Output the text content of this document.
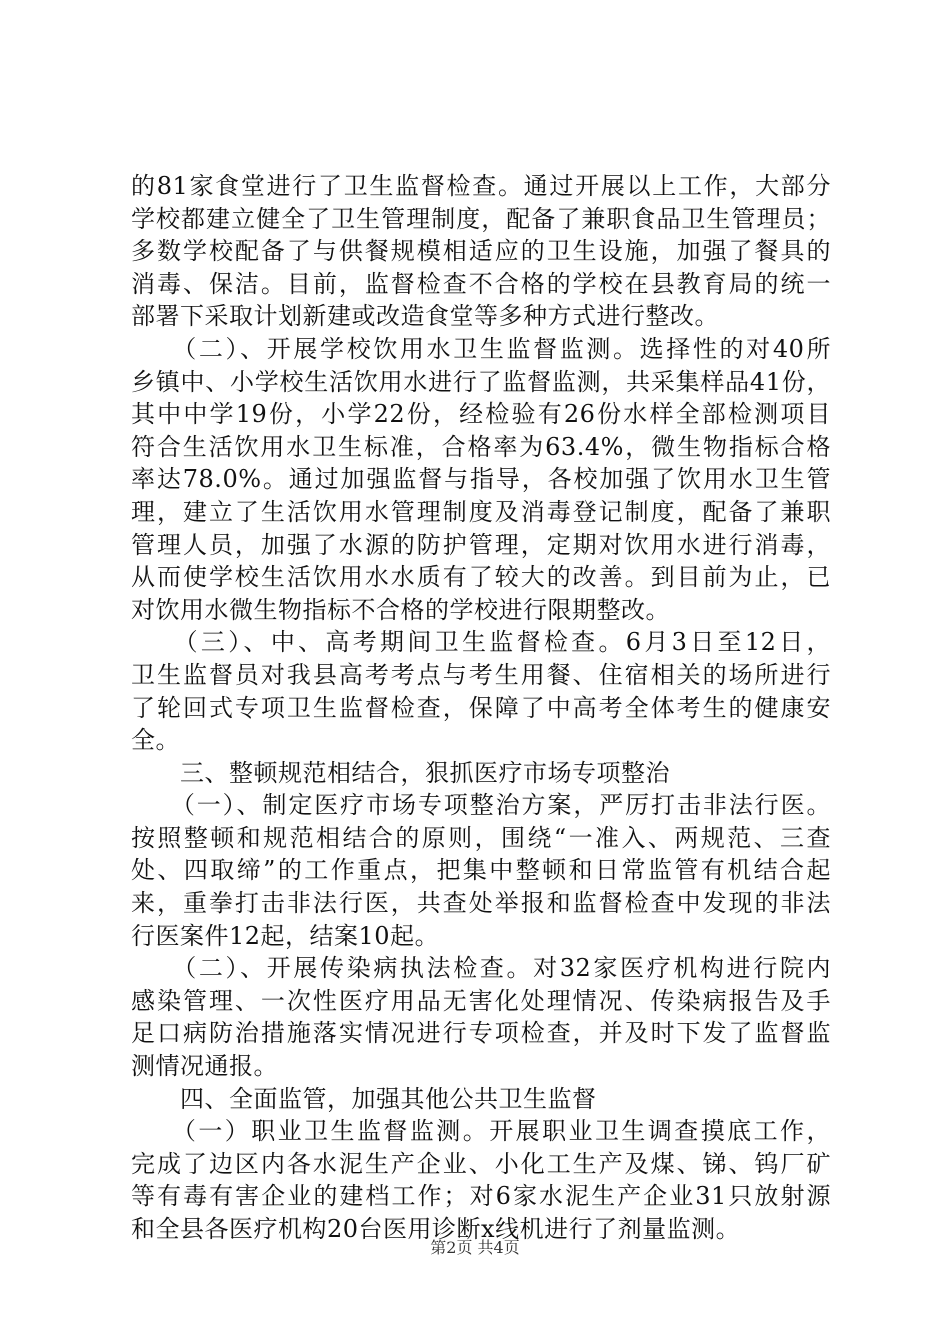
的81家食堂进行了卫生监督检查。通过开展以上工作，大部分
学校都建立健全了卫生管理制度，配备了兼职食品卫生管理员；
多数学校配备了与供餐规模相适应的卫生设施，加强了餐具的
消毒、保洁。目前，监督检查不合格的学校在县教育局的统一
部署下采取计划新建或改造食堂等多种方式进行整改。
　　（二）、开展学校饮用水卫生监督监测。选择性的对40所
乡镇中、小学校生活饮用水进行了监督监测，共采集样品41份，
其中中学19份，小学22份，经检验有26份水样全部检测项目
符合生活饮用水卫生标准，合格率为63.4%，微生物指标合格
率达78.0%。通过加强监督与指导，各校加强了饮用水卫生管
理，建立了生活饮用水管理制度及消毒登记制度，配备了兼职
管理人员，加强了水源的防护管理，定期对饮用水进行消毒，
从而使学校生活饮用水水质有了较大的改善。到目前为止，已
对饮用水微生物指标不合格的学校进行限期整改。
　　（三）、中、高考期间卫生监督检查。6月3日至12日，
卫生监督员对我县高考考点与考生用餐、住宿相关的场所进行
了轮回式专项卫生监督检查，保障了中高考全体考生的健康安
全。
　　三、整顿规范相结合，狠抓医疗市场专项整治
　　（一）、制定医疗市场专项整治方案，严厉打击非法行医。
按照整顿和规范相结合的原则，围绕“一准入、两规范、三查
处、四取缔”的工作重点，把集中整顿和日常监管有机结合起
来，重拳打击非法行医，共查处举报和监督检查中发现的非法
行医案件12起，结案10起。
　　（二）、开展传染病执法检查。对32家医疗机构进行院内
感染管理、一次性医疗用品无害化处理情况、传染病报告及手
足口病防治措施落实情况进行专项检查，并及时下发了监督监
测情况通报。
　　四、全面监管，加强其他公共卫生监督
　　（一）职业卫生监督监测。开展职业卫生调查摸底工作，
完成了边区内各水泥生产企业、小化工生产及煤、锑、钨厂矿
等有毒有害企业的建档工作；对6家水泥生产企业31只放射源
和全县各医疗机构20台医用诊断x线机进行了剂量监测。
第2页 共4页
